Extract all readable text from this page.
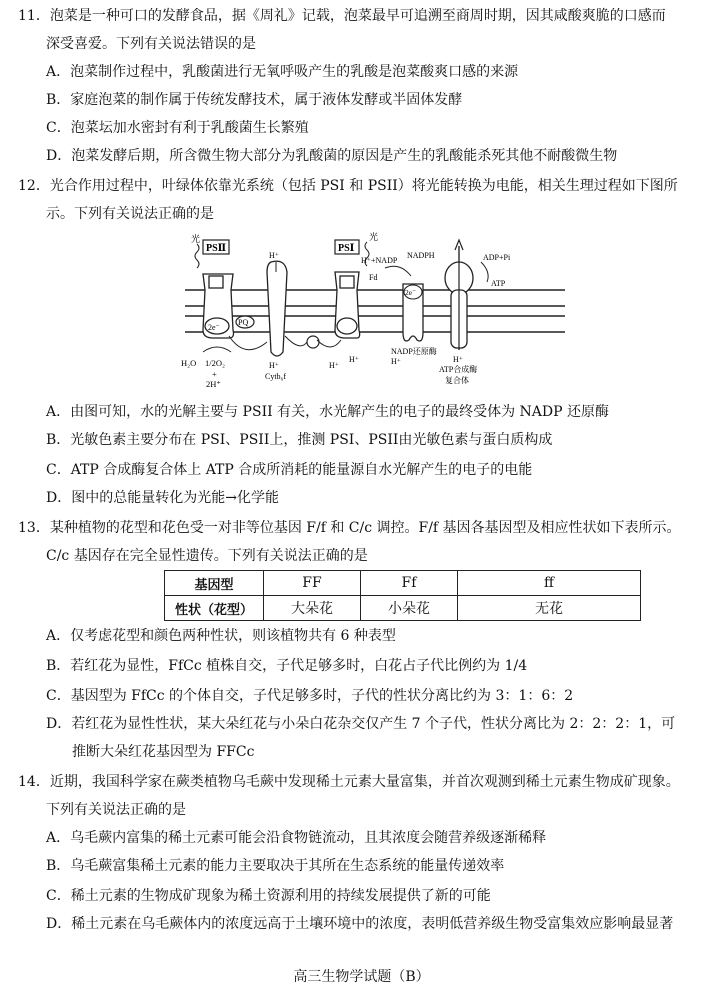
11．泡菜是一种可口的发酵食品，据《周礼》记载，泡菜最早可追溯至商周时期，因其咸酸爽脆的口感而
深受喜爱。下列有关说法错误的是
A．泡菜制作过程中，乳酸菌进行无氧呼吸产生的乳酸是泡菜酸爽口感的来源
B．家庭泡菜的制作属于传统发酵技术，属于液体发酵或半固体发酵
C．泡菜坛加水密封有利于乳酸菌生长繁殖
D．泡菜发酵后期，所含微生物大部分为乳酸菌的原因是产生的乳酸能杀死其他不耐酸微生物
12．光合作用过程中，叶绿体依靠光系统（包括 PSI 和 PSII）将光能转换为电能，相关生理过程如下图所
示。下列有关说法正确的是
PSⅡ
光
2e⁻
H₂O 1/2O₂
+
2H⁺
PQ
H⁺
H⁺
Cytb₆f
PSⅠ
光
H⁺+NADP
Fd
H⁺
H⁺
2e⁻
NADPH
NADP还原酶
H⁺
ADP+Pi
ATP
ATP合成酶
复合体
H⁺
A．由图可知，水的光解主要与 PSII 有关，水光解产生的电子的最终受体为 NADP 还原酶
B．光敏色素主要分布在 PSI、PSII上，推测 PSI、PSII由光敏色素与蛋白质构成
C．ATP 合成酶复合体上 ATP 合成所消耗的能量源自水光解产生的电子的电能
D．图中的总能量转化为光能→化学能
13．某种植物的花型和花色受一对非等位基因 F/f 和 C/c 调控。F/f 基因各基因型及相应性状如下表所示。
C/c 基因存在完全显性遗传。下列有关说法正确的是
基因型	FF	Ff	ff
性状（花型）	大朵花	小朵花	无花
A．仅考虑花型和颜色两种性状，则该植物共有 6 种表型
B．若红花为显性，FfCc 植株自交，子代足够多时，白花占子代比例约为 1/4
C．基因型为 FfCc 的个体自交，子代足够多时，子代的性状分离比约为 3：1：6：2
D．若红花为显性性状，某大朵红花与小朵白花杂交仅产生 7 个子代，性状分离比为 2：2：2：1，可
推断大朵红花基因型为 FFCc
14．近期，我国科学家在蕨类植物乌毛蕨中发现稀土元素大量富集，并首次观测到稀土元素生物成矿现象。
下列有关说法正确的是
A．乌毛蕨内富集的稀土元素可能会沿食物链流动，且其浓度会随营养级逐渐稀释
B．乌毛蕨富集稀土元素的能力主要取决于其所在生态系统的能量传递效率
C．稀土元素的生物成矿现象为稀土资源利用的持续发展提供了新的可能
D．稀土元素在乌毛蕨体内的浓度远高于土壤环境中的浓度，表明低营养级生物受富集效应影响最显著
高三生物学试题（B）
